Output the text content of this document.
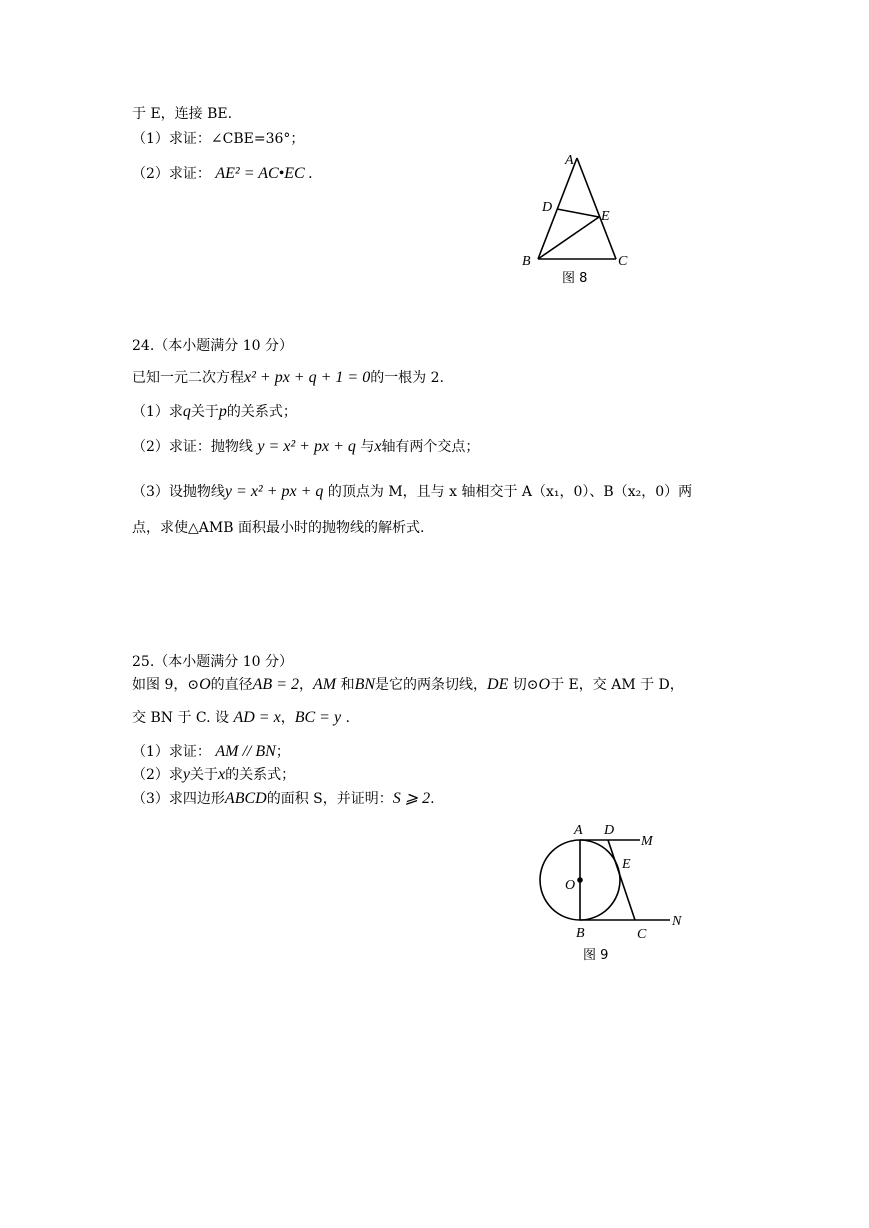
于 E，连接 BE.
（1）求证：∠CBE=36°；
（2）求证： AE² = AC•EC .
A
D
E
B	C
图 8
24.（本小题满分 10 分）
已知一元二次方程x² + px + q + 1 = 0的一根为 2.
（1）求q关于p的关系式；
（2）求证：抛物线 y = x² + px + q 与x轴有两个交点；
（3）设抛物线y = x² + px + q 的顶点为 M，且与 x 轴相交于 A（x₁，0）、B（x₂，0）两
点，求使△AMB 面积最小时的抛物线的解析式.
25.（本小题满分 10 分）
如图 9，⊙O的直径AB = 2，AM 和BN是它的两条切线，DE 切⊙O于 E，交 AM 于 D，
交 BN 于 C. 设 AD = x，BC = y .
（1）求证： AM // BN；
（2）求y关于x的关系式；
（3）求四边形ABCD的面积 S，并证明：S ⩾ 2.
A D
M
E
O
B	C
N
图 9
